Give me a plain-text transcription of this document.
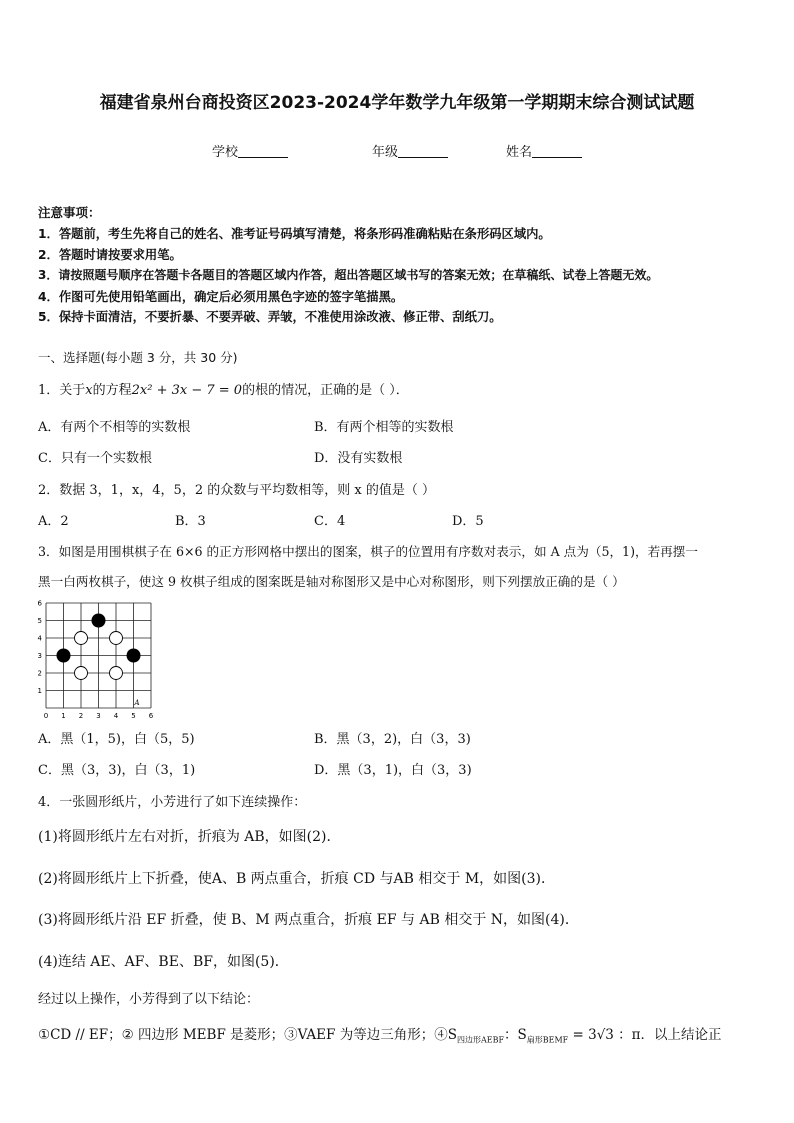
福建省泉州台商投资区2023-2024学年数学九年级第一学期期末综合测试试题
学校	年级	姓名
注意事项：
1．答题前，考生先将自己的姓名、准考证号码填写清楚，将条形码准确粘贴在条形码区域内。
2．答题时请按要求用笔。
3．请按照题号顺序在答题卡各题目的答题区域内作答，超出答题区域书写的答案无效；在草稿纸、试卷上答题无效。
4．作图可先使用铅笔画出，确定后必须用黑色字迹的签字笔描黑。
5．保持卡面清洁，不要折暴、不要弄破、弄皱，不准使用涂改液、修正带、刮纸刀。
一、选择题(每小题 3 分，共 30 分)
1．关于x的方程2x² + 3x − 7 = 0的根的情况，正确的是（ ）．
A．有两个不相等的实数根	B．有两个相等的实数根
C．只有一个实数根	D．没有实数根
2．数据 3，1，x，4，5，2 的众数与平均数相等，则 x 的值是（ ）
A．2	B．3	C．4	D．5
3．如图是用围棋棋子在 6×6 的正方形网格中摆出的图案，棋子的位置用有序数对表示，如 A 点为（5，1)，若再摆一
黑一白两枚棋子，使这 9 枚棋子组成的图案既是轴对称图形又是中心对称图形，则下列摆放正确的是（ ）
0 1 2 3 4 5 6
1
2
3
4
5
6
A
A．黑（1，5)，白（5，5)	B．黑（3，2)，白（3，3)
C．黑（3，3)，白（3，1)	D．黑（3，1)，白（3，3)
4．一张圆形纸片，小芳进行了如下连续操作：
(1)将圆形纸片左右对折，折痕为 AB，如图(2)．
(2)将圆形纸片上下折叠，使A、B 两点重合，折痕 CD 与AB 相交于 M，如图(3)．
(3)将圆形纸片沿 EF 折叠，使 B、M 两点重合，折痕 EF 与 AB 相交于 N，如图(4)．
(4)连结 AE、AF、BE、BF，如图(5)．
经过以上操作，小芳得到了以下结论：
①CD // EF；② 四边形 MEBF 是菱形；③VAEF 为等边三角形；$④S_{四边形AEBF}$：$S_{扇形BEMF} = 3√3$ ：π．以上结论正
